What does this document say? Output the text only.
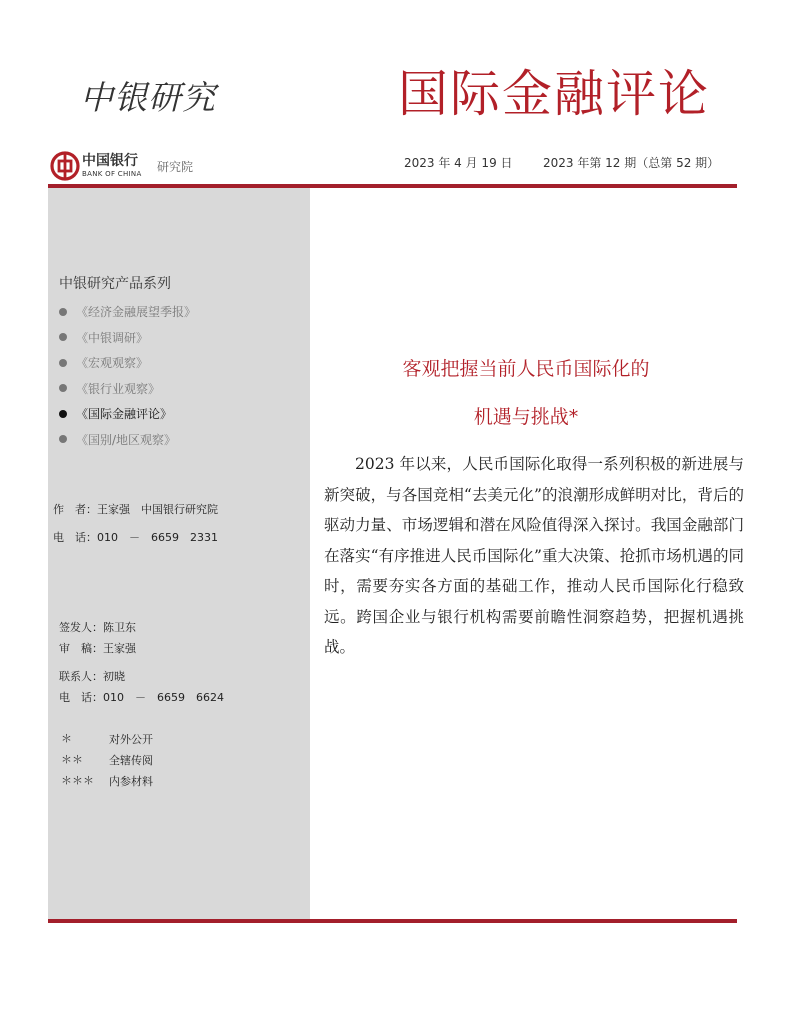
中银研究	国际金融评论
中国银行
BANK OF CHINA 研究院	2023 年 4 月 19 日	2023 年第 12 期（总第 52 期）
中银研究产品系列
《经济金融展望季报》
《中银调研》
《宏观观察》
《银行业观察》
《国际金融评论》
《国别/地区观察》
作　者：王家强　中国银行研究院
电　话：010　－　6659　2331
签发人：陈卫东
审　稿：王家强
联系人：初晓
电　话：010　－　6659　6624
＊	对外公开
＊＊ 全辖传阅
＊＊＊ 内参材料
客观把握当前人民币国际化的
机遇与挑战*

2023 年以来，人民币国际化取得一系列积极的新进展与新突破，与各国竞相“去美元化”的浪潮形成鲜明对比，背后的驱动力量、市场逻辑和潜在风险值得深入探讨。我国金融部门在落实“有序推进人民币国际化”重大决策、抢抓市场机遇的同时，需要夯实各方面的基础工作，推动人民币国际化行稳致远。跨国企业与银行机构需要前瞻性洞察趋势，把握机遇挑战。
